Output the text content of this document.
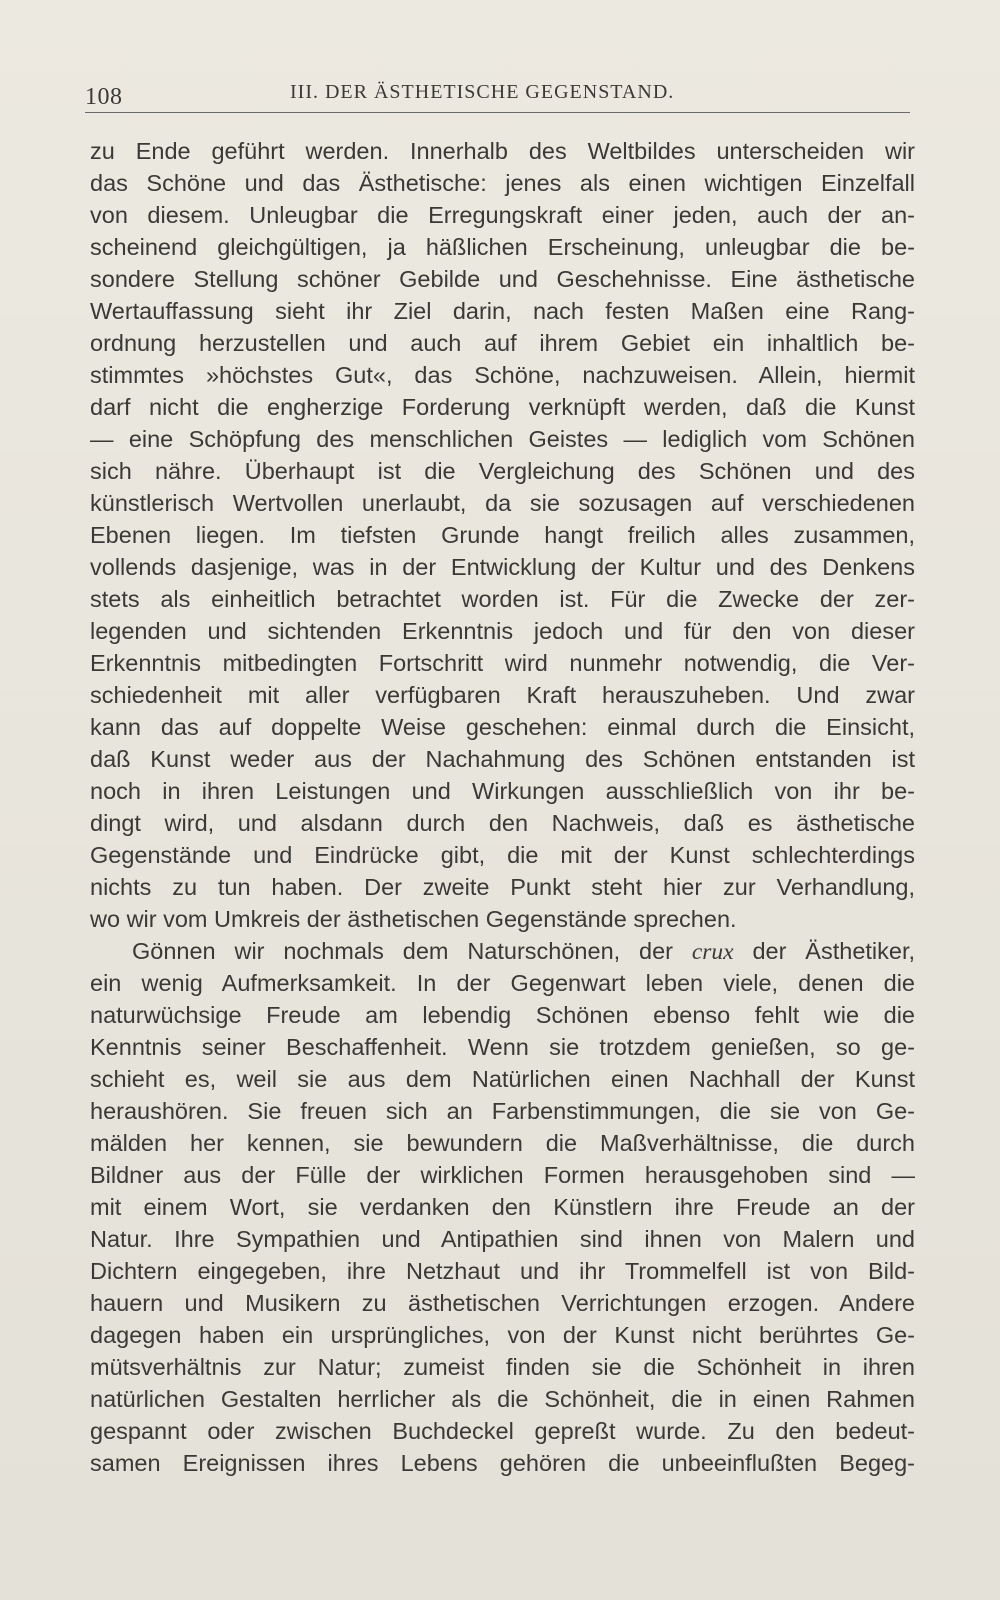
108	III. DER ÄSTHETISCHE GEGENSTAND.
zu Ende geführt werden. Innerhalb des Weltbildes unterscheiden wir
das Schöne und das Ästhetische: jenes als einen wichtigen Einzelfall
von diesem. Unleugbar die Erregungskraft einer jeden, auch der an-
scheinend gleichgültigen, ja häßlichen Erscheinung, unleugbar die be-
sondere Stellung schöner Gebilde und Geschehnisse. Eine ästhetische
Wertauffassung sieht ihr Ziel darin, nach festen Maßen eine Rang-
ordnung herzustellen und auch auf ihrem Gebiet ein inhaltlich be-
stimmtes »höchstes Gut«, das Schöne, nachzuweisen. Allein, hiermit
darf nicht die engherzige Forderung verknüpft werden, daß die Kunst
— eine Schöpfung des menschlichen Geistes — lediglich vom Schönen
sich nähre. Überhaupt ist die Vergleichung des Schönen und des
künstlerisch Wertvollen unerlaubt, da sie sozusagen auf verschiedenen
Ebenen liegen. Im tiefsten Grunde hangt freilich alles zusammen,
vollends dasjenige, was in der Entwicklung der Kultur und des Denkens
stets als einheitlich betrachtet worden ist. Für die Zwecke der zer-
legenden und sichtenden Erkenntnis jedoch und für den von dieser
Erkenntnis mitbedingten Fortschritt wird nunmehr notwendig, die Ver-
schiedenheit mit aller verfügbaren Kraft herauszuheben. Und zwar
kann das auf doppelte Weise geschehen: einmal durch die Einsicht,
daß Kunst weder aus der Nachahmung des Schönen entstanden ist
noch in ihren Leistungen und Wirkungen ausschließlich von ihr be-
dingt wird, und alsdann durch den Nachweis, daß es ästhetische
Gegenstände und Eindrücke gibt, die mit der Kunst schlechterdings
nichts zu tun haben. Der zweite Punkt steht hier zur Verhandlung,
wo wir vom Umkreis der ästhetischen Gegenstände sprechen.
Gönnen wir nochmals dem Naturschönen, der crux der Ästhetiker,
ein wenig Aufmerksamkeit. In der Gegenwart leben viele, denen die
naturwüchsige Freude am lebendig Schönen ebenso fehlt wie die
Kenntnis seiner Beschaffenheit. Wenn sie trotzdem genießen, so ge-
schieht es, weil sie aus dem Natürlichen einen Nachhall der Kunst
heraushören. Sie freuen sich an Farbenstimmungen, die sie von Ge-
mälden her kennen, sie bewundern die Maßverhältnisse, die durch
Bildner aus der Fülle der wirklichen Formen herausgehoben sind —
mit einem Wort, sie verdanken den Künstlern ihre Freude an der
Natur. Ihre Sympathien und Antipathien sind ihnen von Malern und
Dichtern eingegeben, ihre Netzhaut und ihr Trommelfell ist von Bild-
hauern und Musikern zu ästhetischen Verrichtungen erzogen. Andere
dagegen haben ein ursprüngliches, von der Kunst nicht berührtes Ge-
mütsverhältnis zur Natur; zumeist finden sie die Schönheit in ihren
natürlichen Gestalten herrlicher als die Schönheit, die in einen Rahmen
gespannt oder zwischen Buchdeckel gepreßt wurde. Zu den bedeut-
samen Ereignissen ihres Lebens gehören die unbeeinflußten Begeg-
